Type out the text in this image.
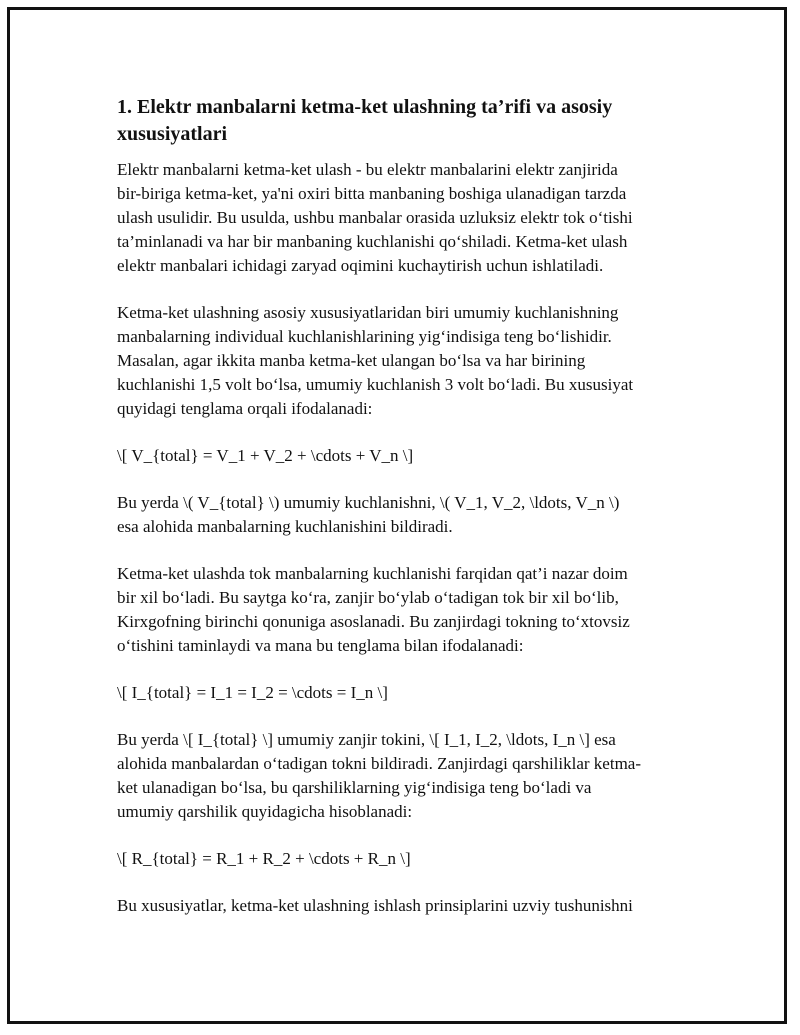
1. Elektr manbalarni ketma-ket ulashning ta’rifi va asosiy xususiyatlari

Elektr manbalarni ketma-ket ulash - bu elektr manbalarini elektr zanjirida
bir-biriga ketma-ket, ya'ni oxiri bitta manbaning boshiga ulanadigan tarzda
ulash usulidir. Bu usulda, ushbu manbalar orasida uzluksiz elektr tok o‘tishi
ta’minlanadi va har bir manbaning kuchlanishi qo‘shiladi. Ketma-ket ulash
elektr manbalari ichidagi zaryad oqimini kuchaytirish uchun ishlatiladi.

Ketma-ket ulashning asosiy xususiyatlaridan biri umumiy kuchlanishning
manbalarning individual kuchlanishlarining yig‘indisiga teng bo‘lishidir.
Masalan, agar ikkita manba ketma-ket ulangan bo‘lsa va har birining
kuchlanishi 1,5 volt bo‘lsa, umumiy kuchlanish 3 volt bo‘ladi. Bu xususiyat
quyidagi tenglama orqali ifodalanadi:

\[ V_{total} = V_1 + V_2 + \cdots + V_n \]

Bu yerda \( V_{total} \) umumiy kuchlanishni, \( V_1, V_2, \ldots, V_n \)
esa alohida manbalarning kuchlanishini bildiradi.

Ketma-ket ulashda tok manbalarning kuchlanishi farqidan qat’i nazar doim
bir xil bo‘ladi. Bu saytga ko‘ra, zanjir bo‘ylab o‘tadigan tok bir xil bo‘lib,
Kirxgofning birinchi qonuniga asoslanadi. Bu zanjirdagi tokning to‘xtovsiz
o‘tishini taminlaydi va mana bu tenglama bilan ifodalanadi:

\[ I_{total} = I_1 = I_2 = \cdots = I_n \]

Bu yerda \[ I_{total} \] umumiy zanjir tokini, \[ I_1, I_2, \ldots, I_n \] esa
alohida manbalardan o‘tadigan tokni bildiradi. Zanjirdagi qarshiliklar ketma-
ket ulanadigan bo‘lsa, bu qarshiliklarning yig‘indisiga teng bo‘ladi va
umumiy qarshilik quyidagicha hisoblanadi:

\[ R_{total} = R_1 + R_2 + \cdots + R_n \]

Bu xususiyatlar, ketma-ket ulashning ishlash prinsiplarini uzviy tushunishni
